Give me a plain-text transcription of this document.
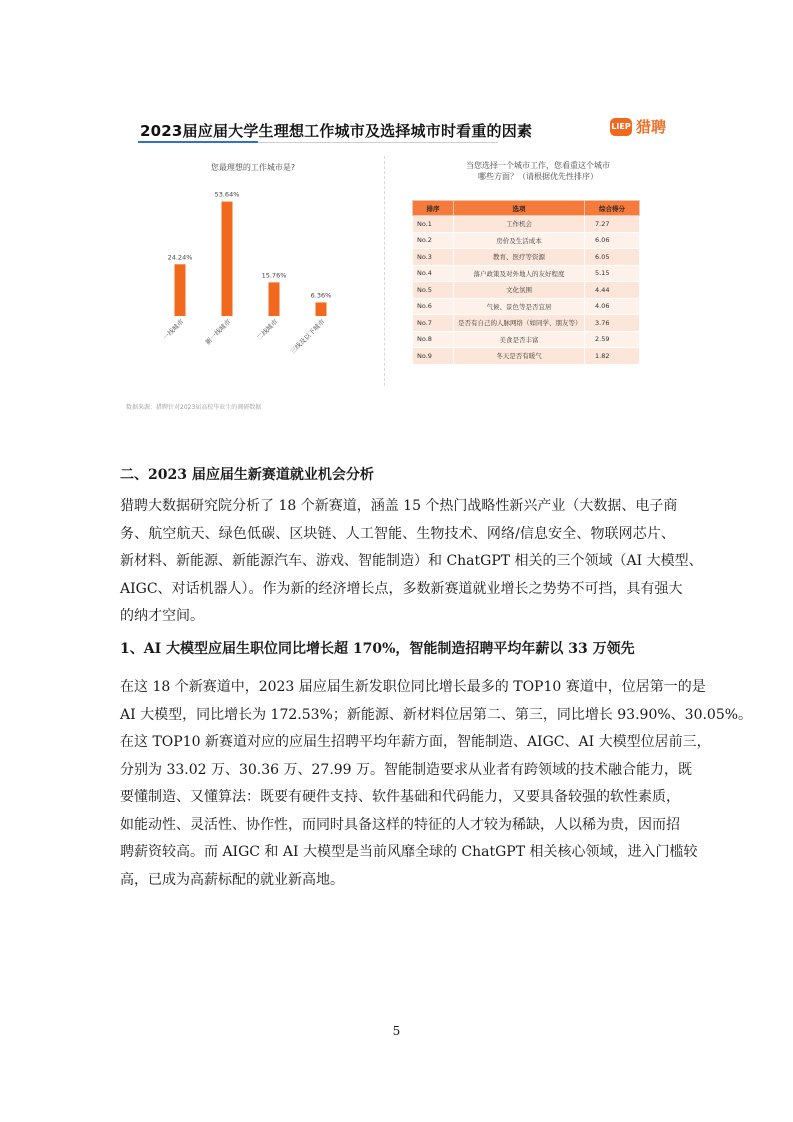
2023届应届大学生理想工作城市及选择城市时看重的因素	LIEP 猎聘
您最理想的工作城市是?
24.24%
一线城市
53.64%
新一线城市
15.76%
二线城市
6.36%
三线及以下城市
当您选择一个城市工作，您看重这个城市
哪些方面？（请根据优先性排序）
排序	选项	综合得分
No.1	工作机会	7.27
No.2	房价及生活成本	6.06
No.3	教育、医疗等资源	6.05
No.4	落户政策及对外地人的友好程度	5.15
No.5	文化氛围	4.44
No.6	气候、景色等是否宜居	4.06
No.7	是否有自己的人脉网络（如同学、朋友等）	3.76
No.8	美食是否丰富	2.59
No.9	冬天是否有暖气	1.82
数据来源：猎聘针对2023届高校毕业生的调研数据
二、2023 届应届生新赛道就业机会分析
猎聘大数据研究院分析了 18 个新赛道，涵盖 15 个热门战略性新兴产业（大数据、电子商
务、航空航天、绿色低碳、区块链、人工智能、生物技术、网络/信息安全、物联网芯片、
新材料、新能源、新能源汽车、游戏、智能制造）和 ChatGPT 相关的三个领域（AI 大模型、
AIGC、对话机器人）。作为新的经济增长点，多数新赛道就业增长之势势不可挡，具有强大
的纳才空间。
1、AI 大模型应届生职位同比增长超 170%，智能制造招聘平均年薪以 33 万领先
在这 18 个新赛道中，2023 届应届生新发职位同比增长最多的 TOP10 赛道中，位居第一的是
AI 大模型，同比增长为 172.53%；新能源、新材料位居第二、第三，同比增长 93.90%、30.05%。
在这 TOP10 新赛道对应的应届生招聘平均年薪方面，智能制造、AIGC、AI 大模型位居前三，
分别为 33.02 万、30.36 万、27.99 万。智能制造要求从业者有跨领域的技术融合能力，既
要懂制造、又懂算法：既要有硬件支持、软件基础和代码能力，又要具备较强的软性素质，
如能动性、灵活性、协作性，而同时具备这样的特征的人才较为稀缺，人以稀为贵，因而招
聘薪资较高。而 AIGC 和 AI 大模型是当前风靡全球的 ChatGPT 相关核心领域，进入门槛较
高，已成为高薪标配的就业新高地。
5
